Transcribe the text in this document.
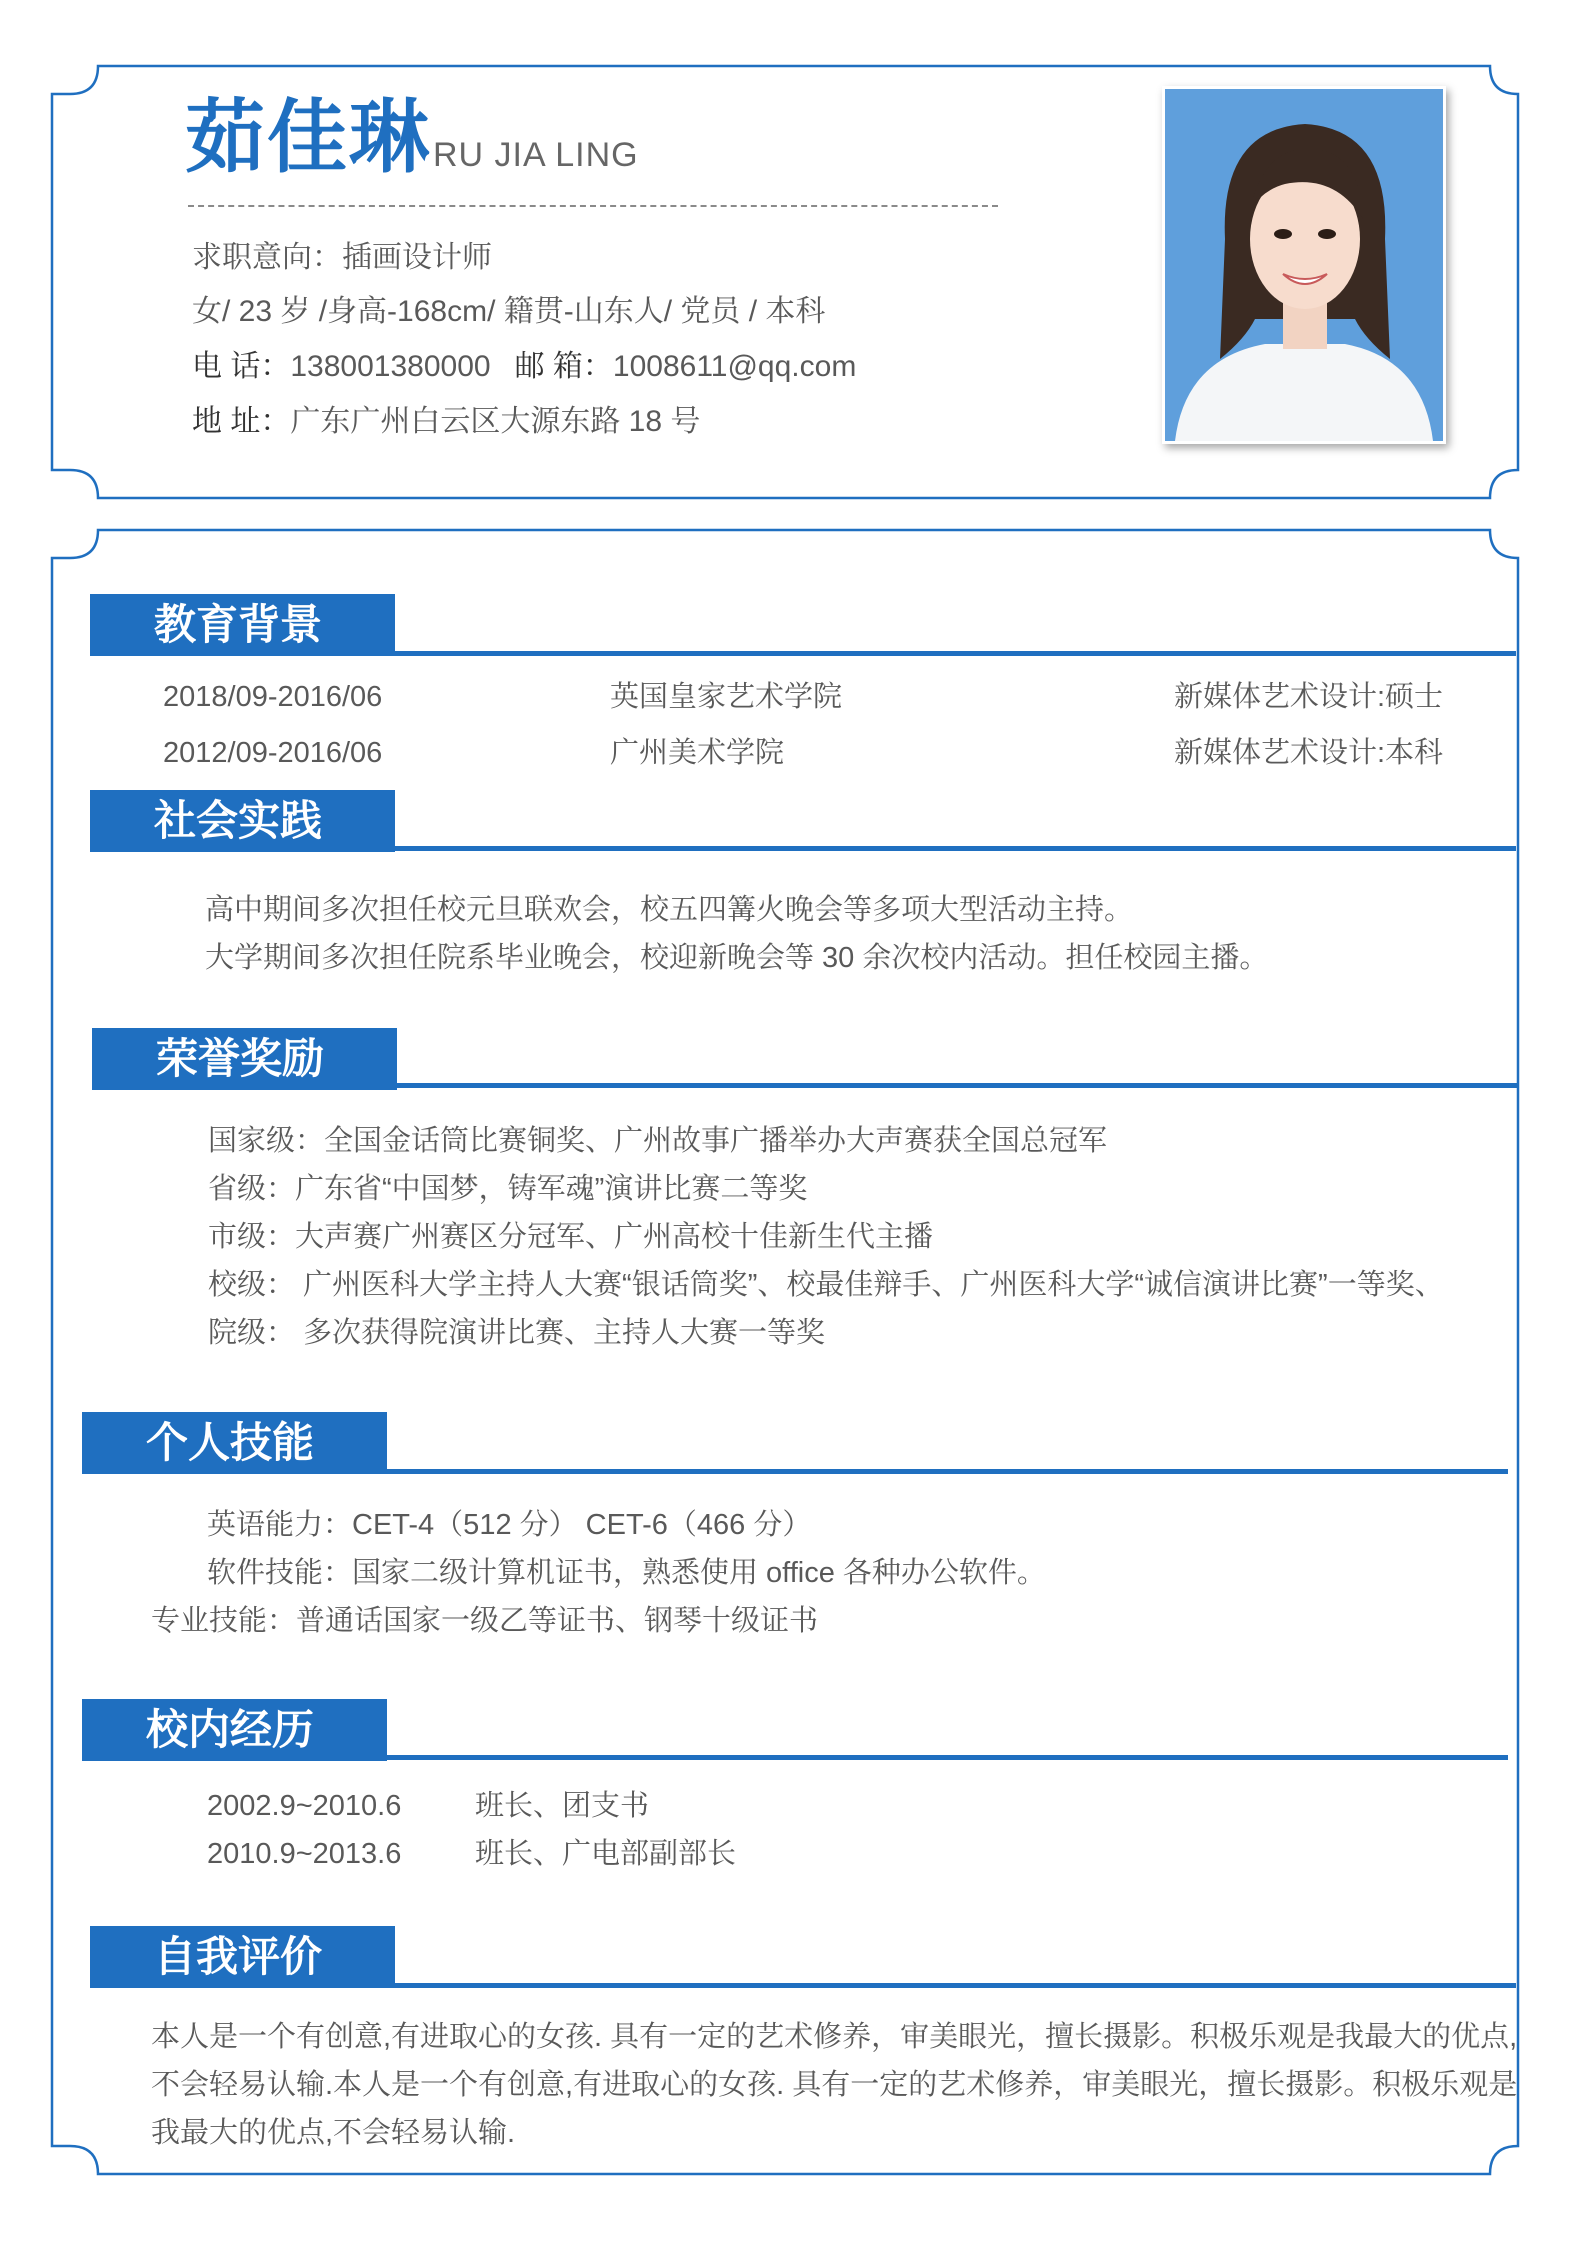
茹佳琳 RU JIA LING
求职意向：插画设计师
女/ 23 岁 /身高-168cm/ 籍贯-山东人/ 党员 / 本科
电 话：138001380000 邮 箱：1008611@qq.com
地 址：广东广州白云区大源东路 18 号
教育背景
2018/09-2016/06	英国皇家艺术学院	新媒体艺术设计:硕士
2012/09-2016/06	广州美术学院	新媒体艺术设计:本科
社会实践
高中期间多次担任校元旦联欢会，校五四篝火晚会等多项大型活动主持。
大学期间多次担任院系毕业晚会，校迎新晚会等 30 余次校内活动。担任校园主播。
荣誉奖励
国家级：全国金话筒比赛铜奖、广州故事广播举办大声赛获全国总冠军
省级：广东省“中国梦，铸军魂”演讲比赛二等奖
市级：大声赛广州赛区分冠军、广州高校十佳新生代主播
校级： 广州医科大学主持人大赛“银话筒奖”、校最佳辩手、广州医科大学“诚信演讲比赛”一等奖、
院级： 多次获得院演讲比赛、主持人大赛一等奖
个人技能
英语能力：CET-4（512 分） CET-6（466 分）
软件技能：国家二级计算机证书，熟悉使用 office 各种办公软件。
专业技能：普通话国家一级乙等证书、钢琴十级证书
校内经历
2002.9~2010.6	班长、团支书
2010.9~2013.6	班长、广电部副部长
自我评价
本人是一个有创意,有进取心的女孩. 具有一定的艺术修养，审美眼光，擅长摄影。积极乐观是我最大的优点,
不会轻易认输.本人是一个有创意,有进取心的女孩. 具有一定的艺术修养，审美眼光，擅长摄影。积极乐观是
我最大的优点,不会轻易认输.
